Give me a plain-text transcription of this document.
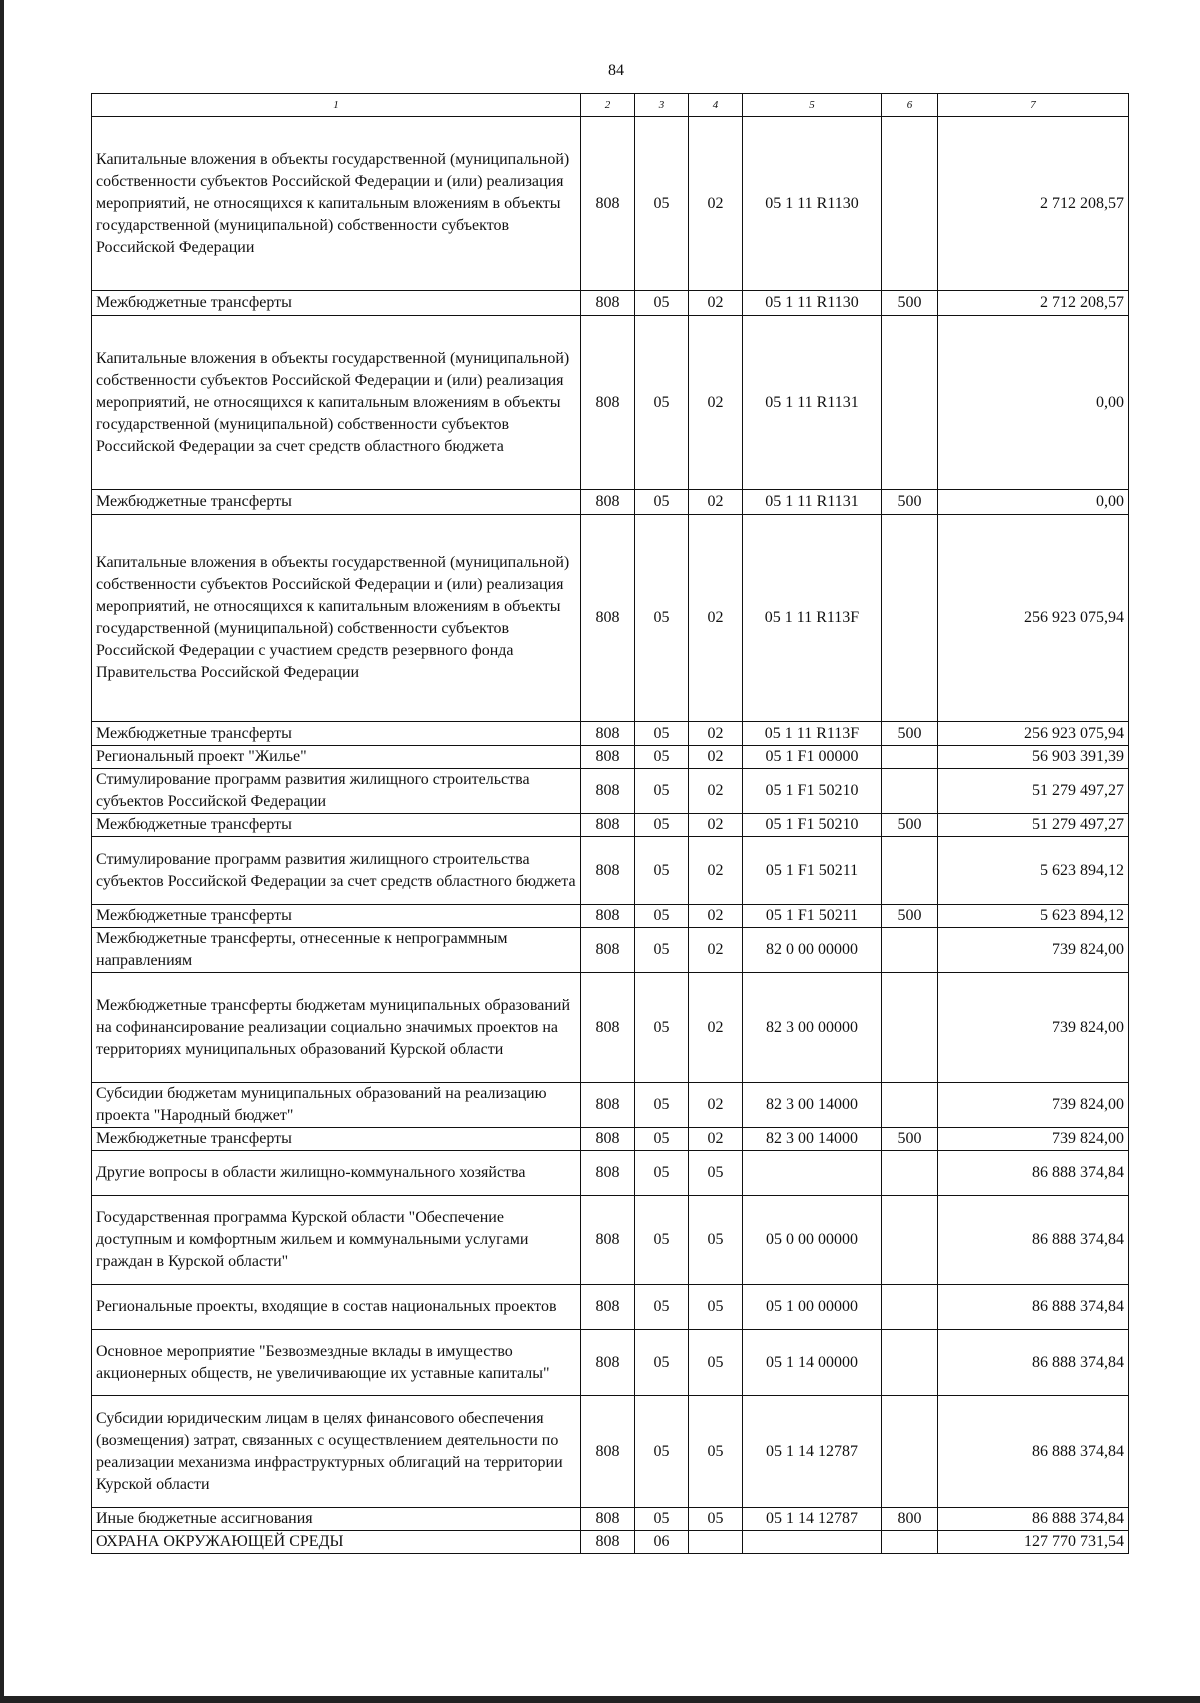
84
1	2	3	4	5	6	7
Капитальные вложения в объекты государственной (муниципальной) собственности субъектов Российской Федерации и (или) реализация мероприятий, не относящихся к капитальным вложениям в объекты государственной (муниципальной) собственности субъектов Российской Федерации	808	05	02	05 1 11 R1130		2 712 208,57
Межбюджетные трансферты	808	05	02	05 1 11 R1130	500	2 712 208,57
Капитальные вложения в объекты государственной (муниципальной) собственности субъектов Российской Федерации и (или) реализация мероприятий, не относящихся к капитальным вложениям в объекты государственной (муниципальной) собственности субъектов Российской Федерации за счет средств областного бюджета	808	05	02	05 1 11 R1131		0,00
Межбюджетные трансферты	808	05	02	05 1 11 R1131	500	0,00
Капитальные вложения в объекты государственной (муниципальной) собственности субъектов Российской Федерации и (или) реализация мероприятий, не относящихся к капитальным вложениям в объекты государственной (муниципальной) собственности субъектов Российской Федерации с участием средств резервного фонда Правительства Российской Федерации	808	05	02	05 1 11 R113F		256 923 075,94
Межбюджетные трансферты	808	05	02	05 1 11 R113F	500	256 923 075,94
Региональный проект "Жилье"	808	05	02	05 1 F1 00000		56 903 391,39
Стимулирование программ развития жилищного строительства субъектов Российской Федерации	808	05	02	05 1 F1 50210		51 279 497,27
Межбюджетные трансферты	808	05	02	05 1 F1 50210	500	51 279 497,27
Стимулирование программ развития жилищного строительства субъектов Российской Федерации за счет средств областного бюджета	808	05	02	05 1 F1 50211		5 623 894,12
Межбюджетные трансферты	808	05	02	05 1 F1 50211	500	5 623 894,12
Межбюджетные трансферты, отнесенные к непрограммным направлениям	808	05	02	82 0 00 00000		739 824,00
Межбюджетные трансферты бюджетам муниципальных образований на софинансирование реализации социально значимых проектов на территориях муниципальных образований Курской области	808	05	02	82 3 00 00000		739 824,00
Субсидии бюджетам муниципальных образований на реализацию проекта "Народный бюджет"	808	05	02	82 3 00 14000		739 824,00
Межбюджетные трансферты	808	05	02	82 3 00 14000	500	739 824,00
Другие вопросы в области жилищно-коммунального хозяйства	808	05	05			86 888 374,84
Государственная программа Курской области "Обеспечение доступным и комфортным жильем и коммунальными услугами граждан в Курской области"	808	05	05	05 0 00 00000		86 888 374,84
Региональные проекты, входящие в состав национальных проектов	808	05	05	05 1 00 00000		86 888 374,84
Основное мероприятие "Безвозмездные вклады в имущество акционерных обществ, не увеличивающие их уставные капиталы"	808	05	05	05 1 14 00000		86 888 374,84
Субсидии юридическим лицам в целях финансового обеспечения (возмещения) затрат, связанных с осуществлением деятельности по реализации механизма инфраструктурных облигаций на территории Курской области	808	05	05	05 1 14 12787		86 888 374,84
Иные бюджетные ассигнования	808	05	05	05 1 14 12787	800	86 888 374,84
ОХРАНА ОКРУЖАЮЩЕЙ СРЕДЫ	808	06				127 770 731,54
